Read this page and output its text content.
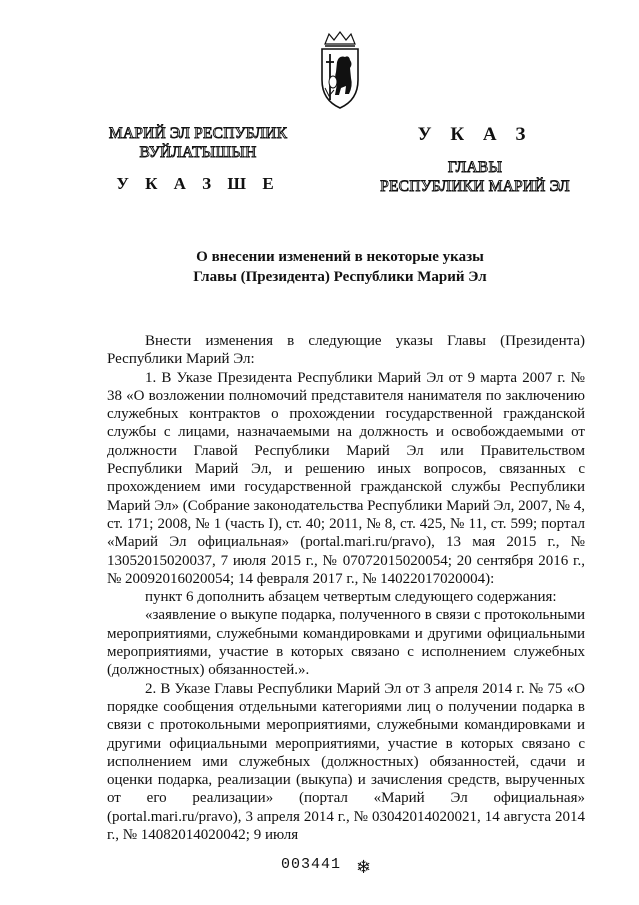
МАРИЙ ЭЛ РЕСПУБЛИК
ВУЙЛАТЫШЫН
У К А З Ш Е
У К А З
ГЛАВЫ
РЕСПУБЛИКИ МАРИЙ ЭЛ
О внесении изменений в некоторые указы
Главы (Президента) Республики Марий Эл

Внести изменения в следующие указы Главы (Президента) Республики Марий Эл:

1. В Указе Президента Республики Марий Эл от 9 марта 2007 г. № 38 «О возложении полномочий представителя нанимателя по заключению служебных контрактов о прохождении государственной гражданской службы с лицами, назначаемыми на должность и освобождаемыми от должности Главой Республики Марий Эл или Правительством Республики Марий Эл, и решению иных вопросов, связанных с прохождением ими государственной гражданской службы Республики Марий Эл» (Собрание законодательства Республики Марий Эл, 2007, № 4, ст. 171; 2008, № 1 (часть I), ст. 40; 2011, № 8, ст. 425, № 11, ст. 599; портал «Марий Эл официальная» (portal.mari.ru/pravo), 13 мая 2015 г., № 13052015020037, 7 июля 2015 г., № 07072015020054; 20 сентября 2016 г., № 20092016020054; 14 февраля 2017 г., № 14022017020004):

пункт 6 дополнить абзацем четвертым следующего содержания:

«заявление о выкупе подарка, полученного в связи с протокольными мероприятиями, служебными командировками и другими официальными мероприятиями, участие в которых связано с исполнением служебных (должностных) обязанностей.».

2. В Указе Главы Республики Марий Эл от 3 апреля 2014 г. № 75 «О порядке сообщения отдельными категориями лиц о получении подарка в связи с протокольными мероприятиями, служебными командировками и другими официальными мероприятиями, участие в которых связано с исполнением ими служебных (должностных) обязанностей, сдачи и оценки подарка, реализации (выкупа) и зачисления средств, вырученных от его реализации» (портал «Марий Эл официальная» (portal.mari.ru/pravo), 3 апреля 2014 г., № 03042014020021, 14 августа 2014 г., № 14082014020042; 9 июля

003441 ❄
